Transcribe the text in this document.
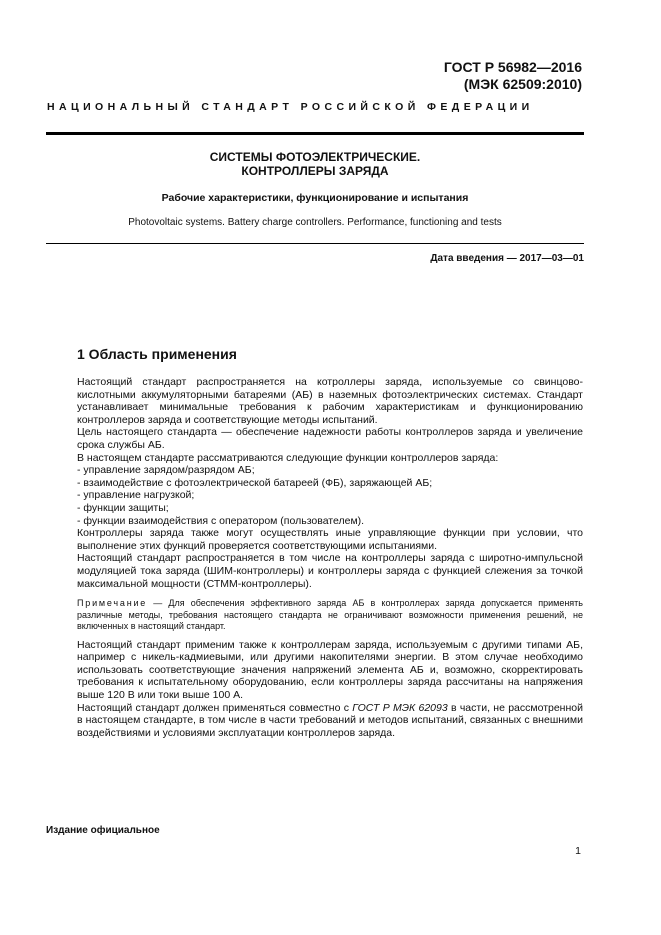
ГОСТ Р 56982—2016
(МЭК 62509:2010)
НАЦИОНАЛЬНЫЙ СТАНДАРТ РОССИЙСКОЙ ФЕДЕРАЦИИ
СИСТЕМЫ ФОТОЭЛЕКТРИЧЕСКИЕ.
КОНТРОЛЛЕРЫ ЗАРЯДА
Рабочие характеристики, функционирование и испытания
Photovoltaic systems. Battery charge controllers. Performance, functioning and tests
Дата введения — 2017—03—01
1 Область применения

Настоящий стандарт распространяется на котроллеры заряда, используемые со свинцово-кислотными аккумуляторными батареями (АБ) в наземных фотоэлектрических системах. Стандарт устанавливает минимальные требования к рабочим характеристикам и функционированию контроллеров заряда и соответствующие методы испытаний.

Цель настоящего стандарта — обеспечение надежности работы контроллеров заряда и увеличение срока службы АБ.

В настоящем стандарте рассматриваются следующие функции контроллеров заряда:

- управление зарядом/разрядом АБ;
- взаимодействие с фотоэлектрической батареей (ФБ), заряжающей АБ;
- управление нагрузкой;
- функции защиты;
- функции взаимодействия с оператором (пользователем).

Контроллеры заряда также могут осуществлять иные управляющие функции при условии, что выполнение этих функций проверяется соответствующими испытаниями.

Настоящий стандарт распространяется в том числе на контроллеры заряда с широтно-импульсной модуляцией тока заряда (ШИМ-контроллеры) и контроллеры заряда с функцией слежения за точкой максимальной мощности (СТММ-контроллеры).

Примечание — Для обеспечения эффективного заряда АБ в контроллерах заряда допускается применять различные методы, требования настоящего стандарта не ограничивают возможности применения решений, не включенных в настоящий стандарт.

Настоящий стандарт применим также к контроллерам заряда, используемым с другими типами АБ, например с никель-кадмиевыми, или другими накопителями энергии. В этом случае необходимо использовать соответствующие значения напряжений элемента АБ и, возможно, скорректировать требования к испытательному оборудованию, если контроллеры заряда рассчитаны на напряжения выше 120 В или токи выше 100 А.

Настоящий стандарт должен применяться совместно с ГОСТ Р МЭК 62093 в части, не рассмотренной в настоящем стандарте, в том числе в части требований и методов испытаний, связанных с внешними воздействиями и условиями эксплуатации контроллеров заряда.

Издание официальное
1
